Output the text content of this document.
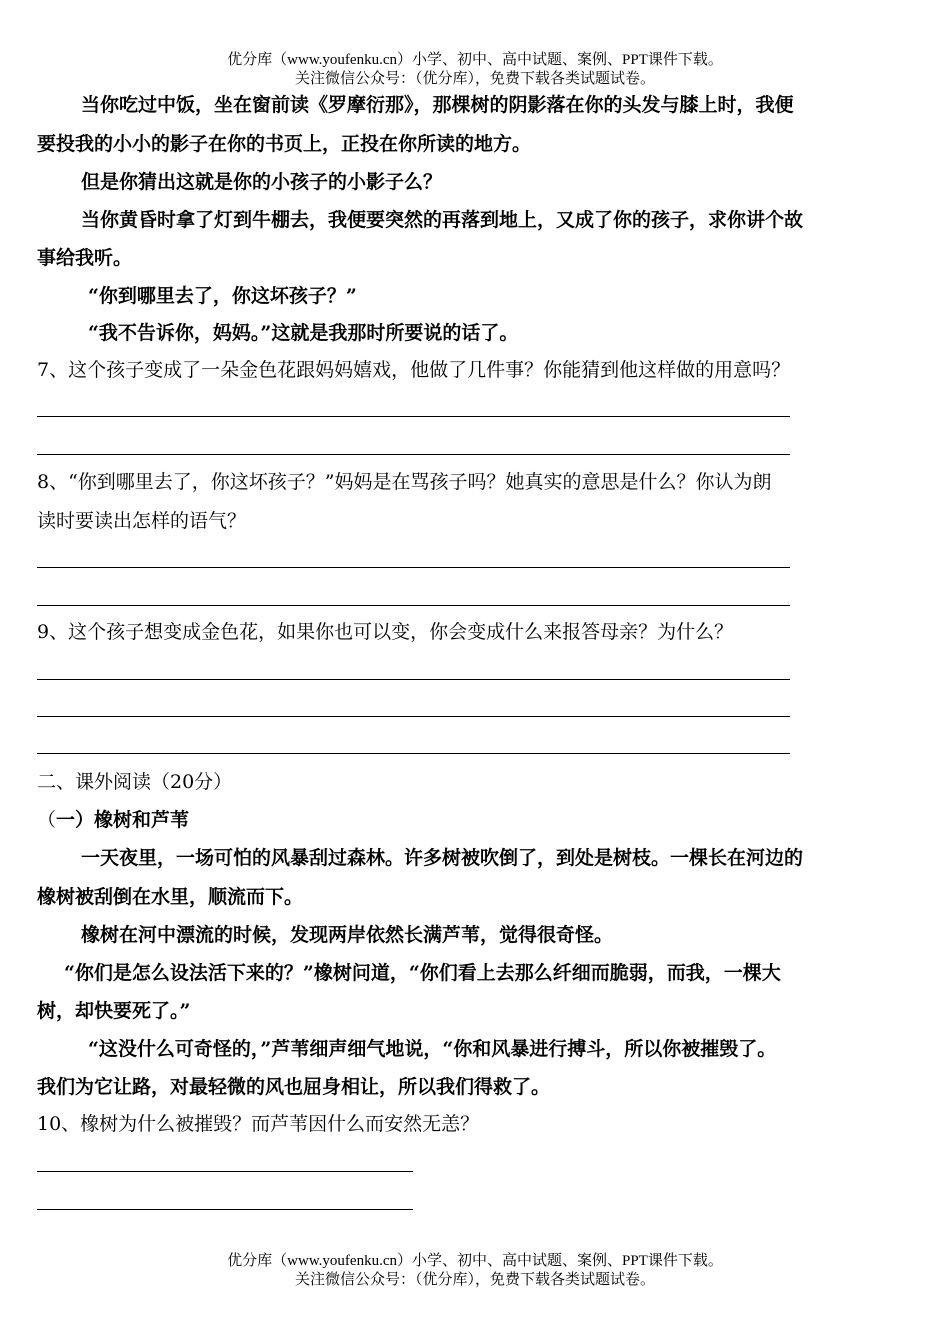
优分库（www.youfenku.cn）小学、初中、高中试题、案例、PPT课件下载。
关注微信公众号：（优分库），免费下载各类试题试卷。
当你吃过中饭，坐在窗前读《罗摩衍那》，那棵树的阴影落在你的头发与膝上时，我便
要投我的小小的影子在你的书页上，正投在你所读的地方。
但是你猜出这就是你的小孩子的小影子么？
当你黄昏时拿了灯到牛棚去，我便要突然的再落到地上，又成了你的孩子，求你讲个故
事给我听。
“你到哪里去了，你这坏孩子？”
“我不告诉你，妈妈。”这就是我那时所要说的话了。
7、这个孩子变成了一朵金色花跟妈妈嬉戏，他做了几件事？你能猜到他这样做的用意吗？
8、“你到哪里去了，你这坏孩子？”妈妈是在骂孩子吗？她真实的意思是什么？你认为朗
读时要读出怎样的语气？
9、这个孩子想变成金色花，如果你也可以变，你会变成什么来报答母亲？为什么？
二、课外阅读（20分）
（一）橡树和芦苇
一天夜里，一场可怕的风暴刮过森林。许多树被吹倒了，到处是树枝。一棵长在河边的
橡树被刮倒在水里，顺流而下。
橡树在河中漂流的时候，发现两岸依然长满芦苇，觉得很奇怪。
“你们是怎么设法活下来的？”橡树问道，“你们看上去那么纤细而脆弱，而我，一棵大
树，却快要死了。”
“这没什么可奇怪的，”芦苇细声细气地说，“你和风暴进行搏斗，所以你被摧毁了。
我们为它让路，对最轻微的风也屈身相让，所以我们得救了。
10、橡树为什么被摧毁？而芦苇因什么而安然无恙？
优分库（www.youfenku.cn）小学、初中、高中试题、案例、PPT课件下载。
关注微信公众号：（优分库），免费下载各类试题试卷。
